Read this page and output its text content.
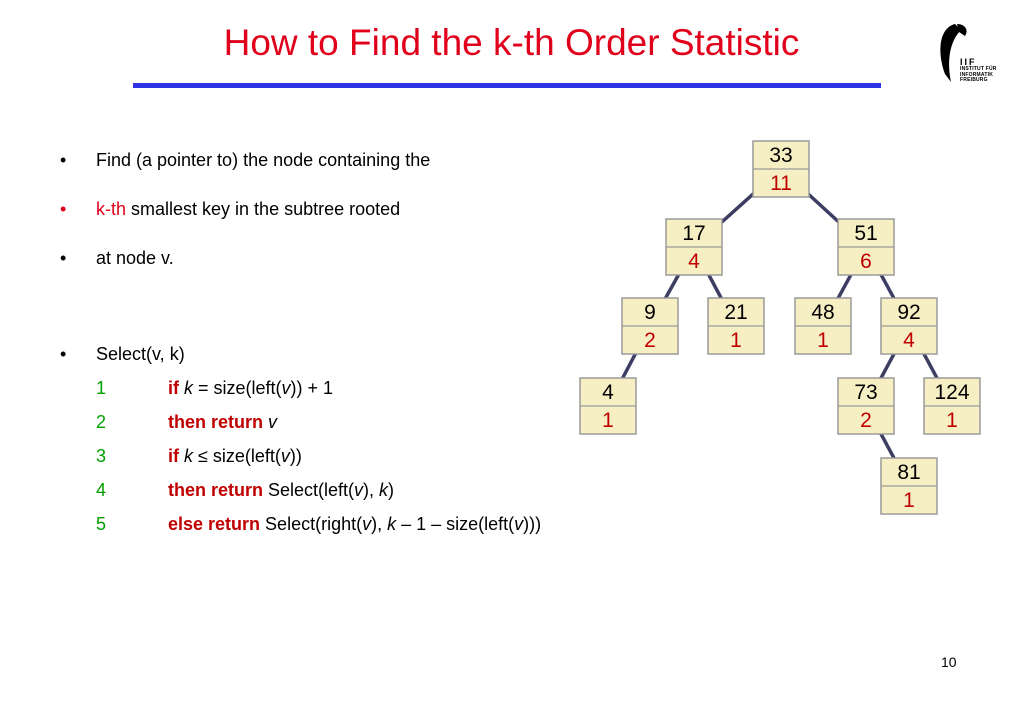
How to Find the k-th Order Statistic	IIF
INSTITUT FÜR
INFORMATIK
FREIBURG
• Find (a pointer to) the node containing the
• k-th smallest key in the subtree rooted
• at node v.
• Select(v, k)
1	if k = size(left(v)) + 1
2	then return v
3	if k ≤ size(left(v))
4	then return Select(left(v), k)
5	else return Select(right(v), k – 1 – size(left(v)))
33
11
17
4
51
6
9
2
21
1
48
1
92
4
4
1
73
2
124
1
81
1
10
